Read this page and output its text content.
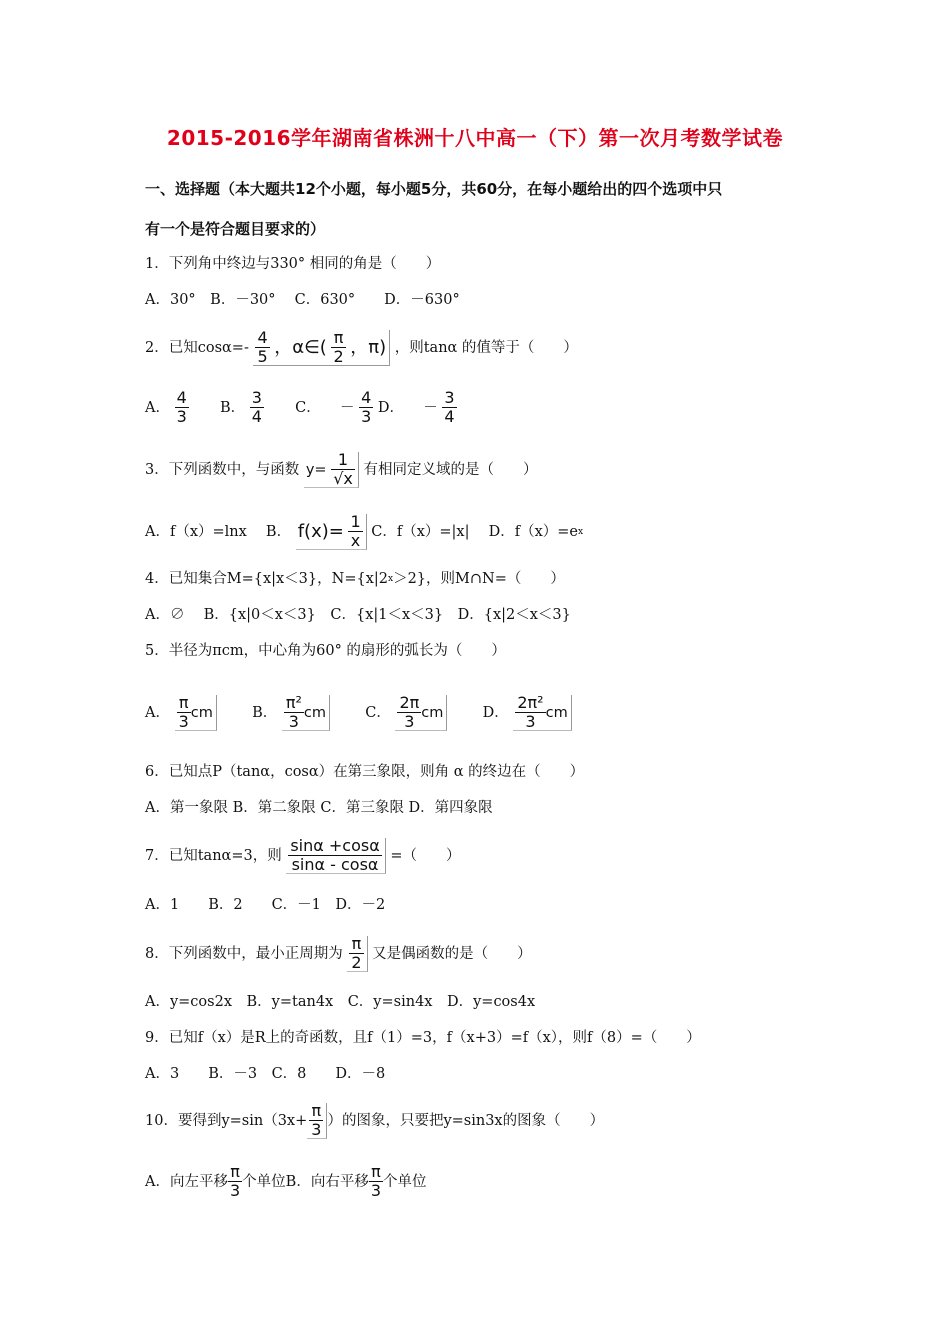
2015-2016学年湖南省株洲十八中高一（下）第一次月考数学试卷
一、选择题（本大题共12个小题，每小题5分，共60分，在每小题给出的四个选项中只
有一个是符合题目要求的）
1．下列角中终边与330° 相同的角是（　　）
A．30°　B．－30°　 C．630°　　D．－630°
2．已知$\cos\alpha=- \frac{4}{5}$ ，α∈( $\frac{\pi}{2}$ ，π) ，则tanα 的值等于（　　）
A． $\frac{4}{3}$ B． $\frac{3}{4}$ C． － $\frac{4}{3}$ D． － $\frac{3}{4}$
3．下列函数中，与函数 $y= \frac{1}{√x}$ 有相同定义域的是（　　）
A．f（x）=lnx　 B． $f(x)= \frac{1}{x}$ C．f（x）=|x|　 D．f（x）=ex
4．已知集合M={x|x＜3}，N={x|2x＞2}，则M∩N=（　　）
A．∅　 B．{x|0＜x＜3}　C．{x|1＜x＜3}　D．{x|2＜x＜3}
5．半径为πcm，中心角为60° 的扇形的弧长为（　　）
A． $\frac{\pi}{3}$ cm	B． $\frac{\text{π²}}{3}$ cm	C． $\frac{2\pi}{3}$ cm	D． $\frac{\text{2π²}}{3}$ cm
6．已知点P（tanα，cosα）在第三象限，则角 α 的终边在（　　）
A．第一象限 B．第二象限 C．第三象限 D．第四象限
7．已知tanα=3，则 $\frac{\sin\alpha +\cos\alpha}{\sin\alpha - \cos\alpha}$ =（　　）
A．1　　B．2　　C．－1　D．－2
8．下列函数中，最小正周期为 $\frac{\pi}{2}$ 又是偶函数的是（　　）
A．y=cos2x　B．y=tan4x　C．y=sin4x　D．y=cos4x
9．已知f（x）是R上的奇函数，且f（1）=3，f（x+3）=f（x），则f（8）=（　　）
A．3　　B．－3　C．8　　D．－8
10．要得到$y=\sin(3x+ \frac{\pi}{3}$ ）的图象，只要把y=sin3x的图象（　　）
A．向左平移 $\frac{\pi}{3}$ 个单位B．向右平移 $\frac{\pi}{3}$ 个单位
